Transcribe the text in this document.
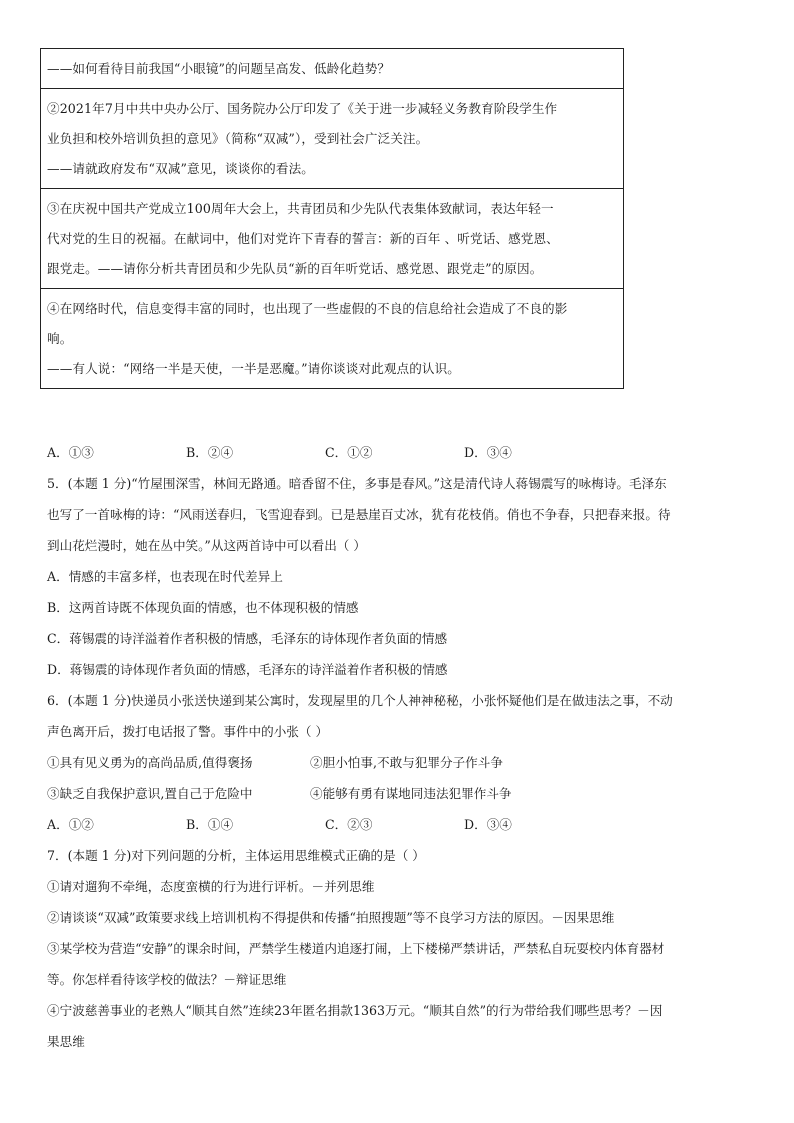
——如何看待目前我国“小眼镜”的问题呈高发、低龄化趋势？
②2021年7月中共中央办公厅、国务院办公厅印发了《关于进一步减轻义务教育阶段学生作
业负担和校外培训负担的意见》（简称“双减”），受到社会广泛关注。
——请就政府发布“双减”意见，谈谈你的看法。
③在庆祝中国共产党成立100周年大会上，共青团员和少先队代表集体致献词，表达年轻一
代对党的生日的祝福。在献词中，他们对党许下青春的誓言：新的百年 、听党话、感党恩、
跟党走。——请你分析共青团员和少先队员“新的百年听党话、感党恩、跟党走”的原因。
④在网络时代，信息变得丰富的同时，也出现了一些虚假的不良的信息给社会造成了不良的影
响。
——有人说：“网络一半是天使，一半是恶魔。”请你谈谈对此观点的认识。
A．①③	B．②④	C．①②	D．③④
5．(本题 1 分)“竹屋围深雪，林间无路通。暗香留不住，多事是春风。”这是清代诗人蒋锡震写的咏梅诗。毛泽东
也写了一首咏梅的诗：“风雨送春归，飞雪迎春到。已是悬崖百丈冰，犹有花枝俏。俏也不争春，只把春来报。待
到山花烂漫时，她在丛中笑。”从这两首诗中可以看出（ ）
A．情感的丰富多样，也表现在时代差异上
B．这两首诗既不体现负面的情感，也不体现积极的情感
C．蒋锡震的诗洋溢着作者积极的情感，毛泽东的诗体现作者负面的情感
D．蒋锡震的诗体现作者负面的情感，毛泽东的诗洋溢着作者积极的情感
6．(本题 1 分)快递员小张送快递到某公寓时，发现屋里的几个人神神秘秘，小张怀疑他们是在做违法之事，不动
声色离开后，拨打电话报了警。事件中的小张（ ）
①具有见义勇为的高尚品质,值得褒扬	②胆小怕事,不敢与犯罪分子作斗争
③缺乏自我保护意识,置自己于危险中	④能够有勇有谋地同违法犯罪作斗争
A．①②	B．①④	C．②③	D．③④
7．(本题 1 分)对下列问题的分析，主体运用思维模式正确的是（ ）
①请对遛狗不牵绳，态度蛮横的行为进行评析。－并列思维
②请谈谈“双减”政策要求线上培训机构不得提供和传播“拍照搜题”等不良学习方法的原因。－因果思维
③某学校为营造“安静”的课余时间，严禁学生楼道内追逐打闹，上下楼梯严禁讲话，严禁私自玩耍校内体育器材
等。你怎样看待该学校的做法？－辩证思维
④宁波慈善事业的老熟人“顺其自然”连续23年匿名捐款1363万元。“顺其自然”的行为带给我们哪些思考？－因
果思维
